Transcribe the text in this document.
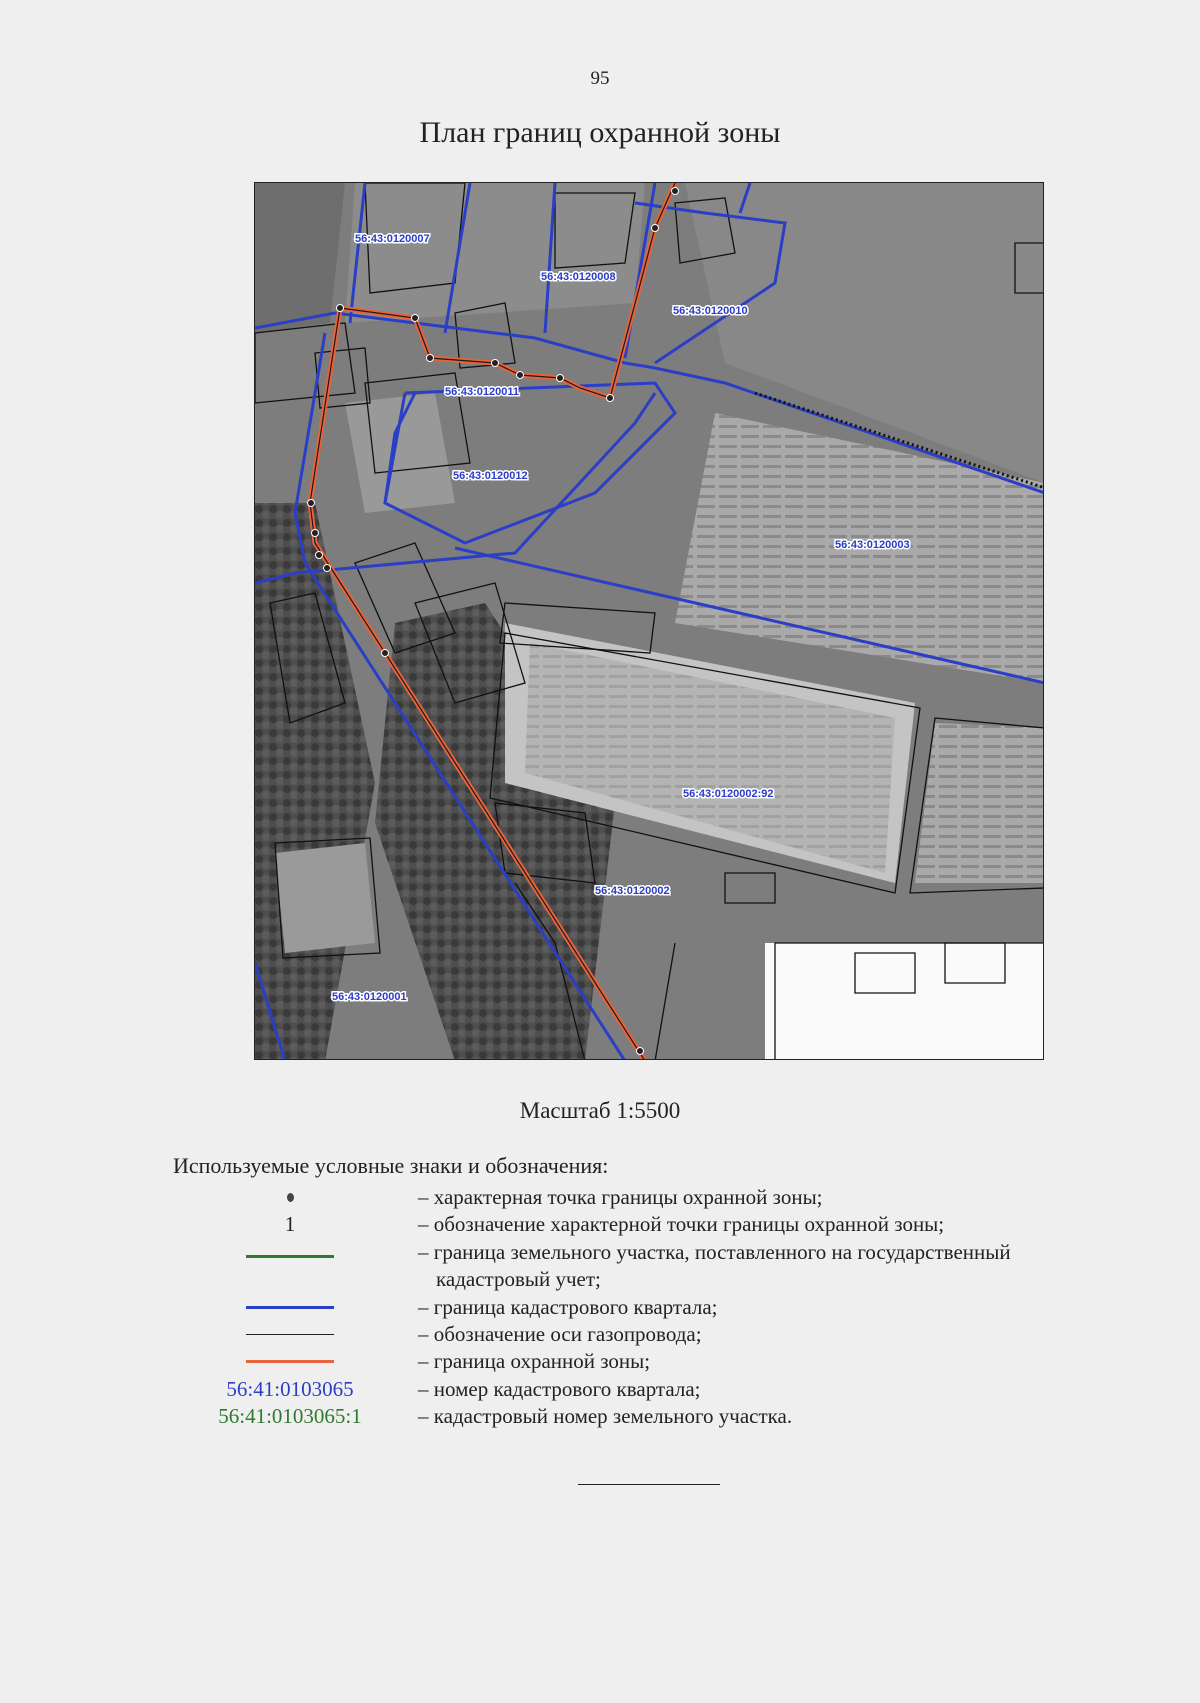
95
План границ охранной зоны
56:43:0120007
56:43:0120008
56:43:0120010
56:43:0120011
56:43:0120012
56:43:0120003
56:43:0120002:92
56:43:0120002
56:43:0120001
Масштаб 1:5500
Используемые условные знаки и обозначения:
– характерная точка границы охранной зоны;
1	– обозначение характерной точки границы охранной зоны;
– граница земельного участка, поставленного на государственный
кадастровый учет;
– граница кадастрового квартала;
– обозначение оси газопровода;
– граница охранной зоны;
56:41:0103065	– номер кадастрового квартала;
56:41:0103065:1	– кадастровый номер земельного участка.
